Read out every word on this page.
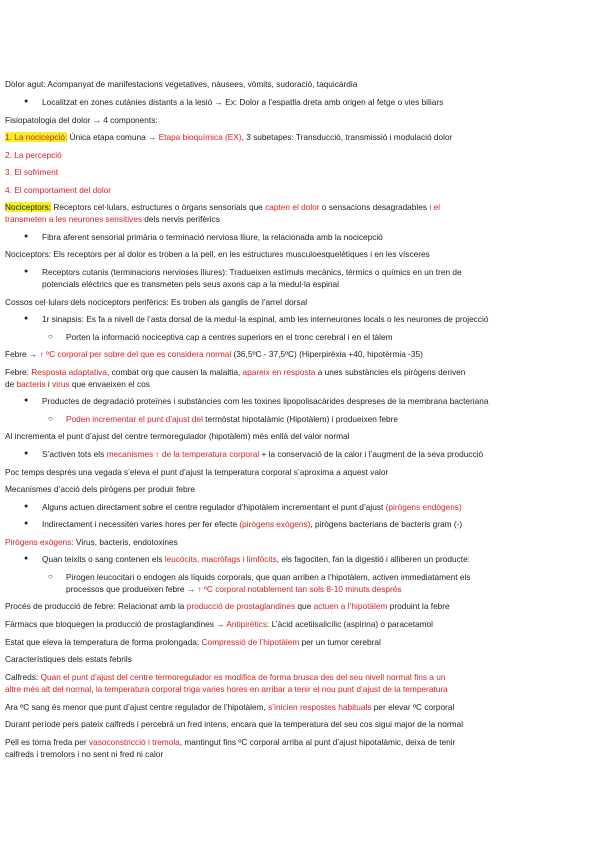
Dolor agut: Acompanyat de manifestacions vegetatives, nàusees, vòmits, sudoració, taquicàrdia
● Localitzat en zones cutànies distants a la lesió → Ex: Dolor a l’espatlla dreta amb origen al fetge o vies biliars
Fisiopatologia del dolor → 4 components:
1. La nocicepció: Única etapa comuna → Etapa bioquímica (EX), 3 subetapes: Transducció, transmissió i modulació dolor
2. La percepció
3. El sofriment
4. El comportament del dolor
Nociceptors: Receptors cel·lulars, estructures o òrgans sensorials que capten el dolor o sensacions desagradables i el
transmeten a les neurones sensitives dels nervis perifèrics
● Fibra aferent sensorial primària o terminació nerviosa lliure, la relacionada amb la nocicepció
Nociceptors: Els receptors per al dolor es troben a la pell, en les estructures musculoesquelètiques i en les vísceres
● Receptors cutanis (terminacions nervioses lliures): Tradueixen estímuls mecànics, tèrmics o químics en un tren de
potencials elèctrics que es transmeten pels seus axons cap a la medul·la espinal
Cossos cel·lulars dels nociceptors perifèrics: Es troben als ganglis de l’arrel dorsal
● 1r sinapsis: Es fa a nivell de l’asta dorsal de la medul·la espinal, amb les interneurones locals o les neurones de projecció
○ Porten la informació nociceptiva cap a centres superiors en el tronc cerebral i en el tàlem
Febre → ↑ ºC corporal per sobre del que es considera normal (36,5ºC - 37,5ºC) (Hiperpirèxia +40, hipotèrmia -35)
Febre: Resposta adaptativa, combat org que causen la malaltia, apareix en resposta a unes substàncies els pirògens deriven
de bacteris i virus que envaeixen el cos
● Productes de degradació proteïnes i substàncies com les toxines lipopolisacàrides despreses de la membrana bacteriana
○ Poden incrementar el punt d’ajust del termòstat hipotalàmic (Hipotàlem) i produeixen febre
Al incrementa el punt d’ajust del centre termoregulador (hipotàlem) més enllà del valor normal
● S’activen tots els mecanismes ↑ de la temperatura corporal + la conservació de la calor i l’augment de la seva producció
Poc temps després una vegada s’eleva el punt d’ajust la temperatura corporal s’aproxima a aquest valor
Mecanismes d’acció dels pirògens per produir febre
● Alguns actuen directament sobre el centre regulador d’hipotàlem incrementant el punt d’ajust (pirògens endògens)
● Indirectament i necessiten varies hores per fer efecte (pirògens exògens), pirògens bacterians de bacteris gram (-)
Pirògens exògens: Virus, bacteris, endotoxines
● Quan teixits o sang contenen els leucòcits, macròfags i limfòcits, els fagociten, fan la digestió i alliberen un producte:
○ Pirogen leucocitari o endogen als líquids corporals, que quan arriben a l’hipotàlem, activen immediatament els
processos que produeixen febre → ↑ ºC corporal notablement tan sols 8-10 minuts després
Procés de producció de febre: Relacionat amb la producció de prostaglandines que actuen a l’hipotàlem produint la febre
Fàrmacs que bloquegen la producció de prostaglandines → Antipirètics: L’àcid acetilsalicílic (aspirina) o paracetamol
Estat que eleva la temperatura de forma prolongada: Compressió de l’hipotàlem per un tumor cerebral
Característiques dels estats febrils
Calfreds: Quan el punt d’ajust del centre termoregulador es modifica de forma brusca des del seu nivell normal fins a un
altre més alt del normal, la temperatura corporal triga varies hores en arribar a tenir el nou punt d’ajust de la temperatura
Ara ºC sang és menor que punt d’ajust centre regulador de l’hipotàlem, s’inicien respostes habituals per elevar ºC corporal
Durant període pers pateix calfreds i percebrà un fred intens, encara que la temperatura del seu cos sigui major de la normal
Pell es torna freda per vasoconstricció i tremola, mantingut fins ºC corporal arriba al punt d’ajust hipotalàmic, deixa de tenir
calfreds i tremolors i no sent ni fred ni calor
